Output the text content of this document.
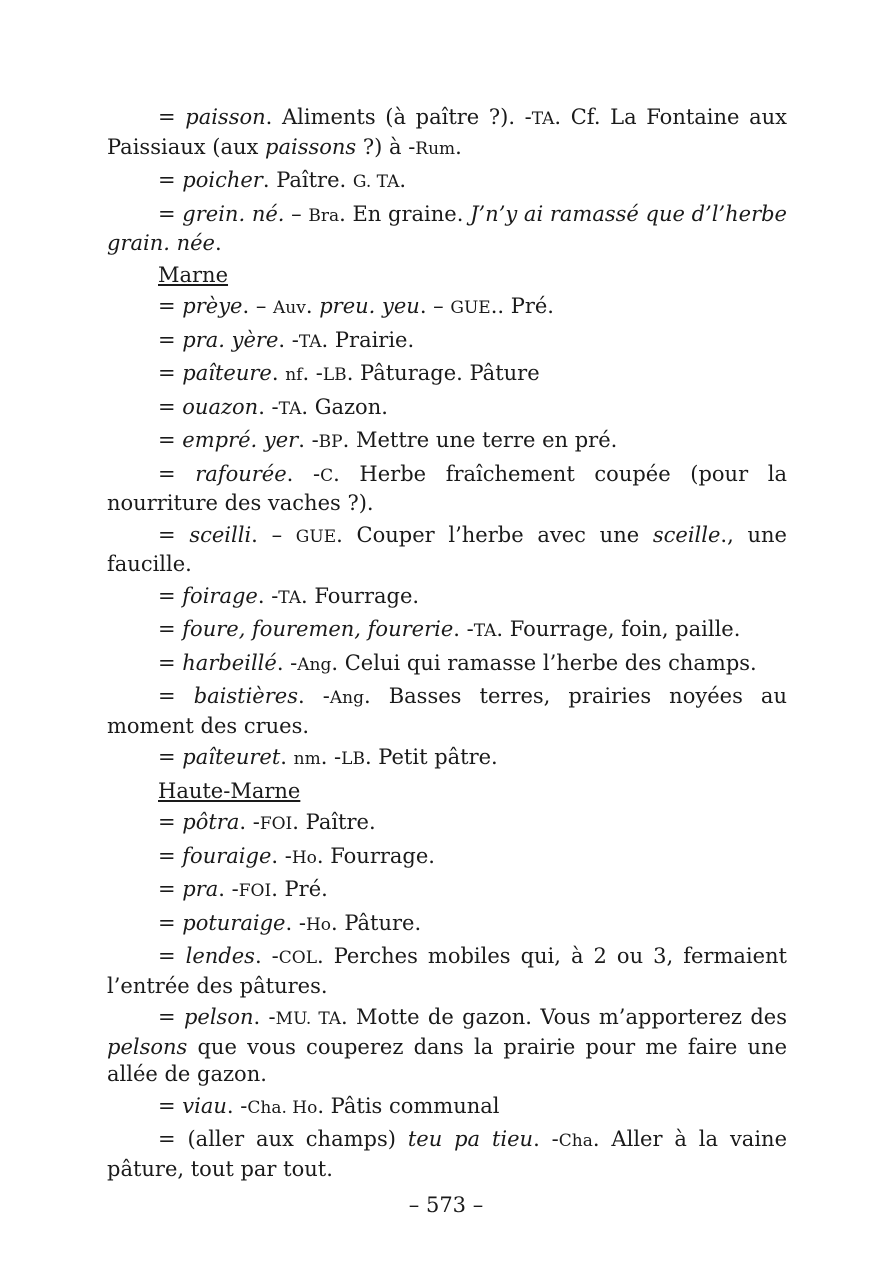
= paisson. Aliments (à paître ?). -TA. Cf. La Fontaine aux Paissiaux (aux paissons ?) à -Rum.
= poicher. Paître. G. TA.
= grein. né. – Bra. En graine. J’n’y ai ramassé que d’l’herbe grain. née.
Marne
= prèye. – Auv. preu. yeu. – GUE.. Pré.
= pra. yère. -TA. Prairie.
= paîteure. nf. -LB. Pâturage. Pâture
= ouazon. -TA. Gazon.
= empré. yer. -BP. Mettre une terre en pré.
= rafourée. -C. Herbe fraîchement coupée (pour la nourriture des vaches ?).
= sceilli. – GUE. Couper l’herbe avec une sceille., une faucille.
= foirage. -TA. Fourrage.
= foure, fouremen, fourerie. -TA. Fourrage, foin, paille.
= harbeillé. -Ang. Celui qui ramasse l’herbe des champs.
= baistières. -Ang. Basses terres, prairies noyées au moment des crues.
= paîteuret. nm. -LB. Petit pâtre.
Haute-Marne
= pôtra. -FOI. Paître.
= fouraige. -Ho. Fourrage.
= pra. -FOI. Pré.
= poturaige. -Ho. Pâture.
= lendes. -COL. Perches mobiles qui, à 2 ou 3, fermaient l’entrée des pâtures.
= pelson. -MU. TA. Motte de gazon. Vous m’apporterez des pelsons que vous couperez dans la prairie pour me faire une allée de gazon.
= viau. -Cha. Ho. Pâtis communal
= (aller aux champs) teu pa tieu. -Cha. Aller à la vaine pâture, tout par tout.
– 573 –
